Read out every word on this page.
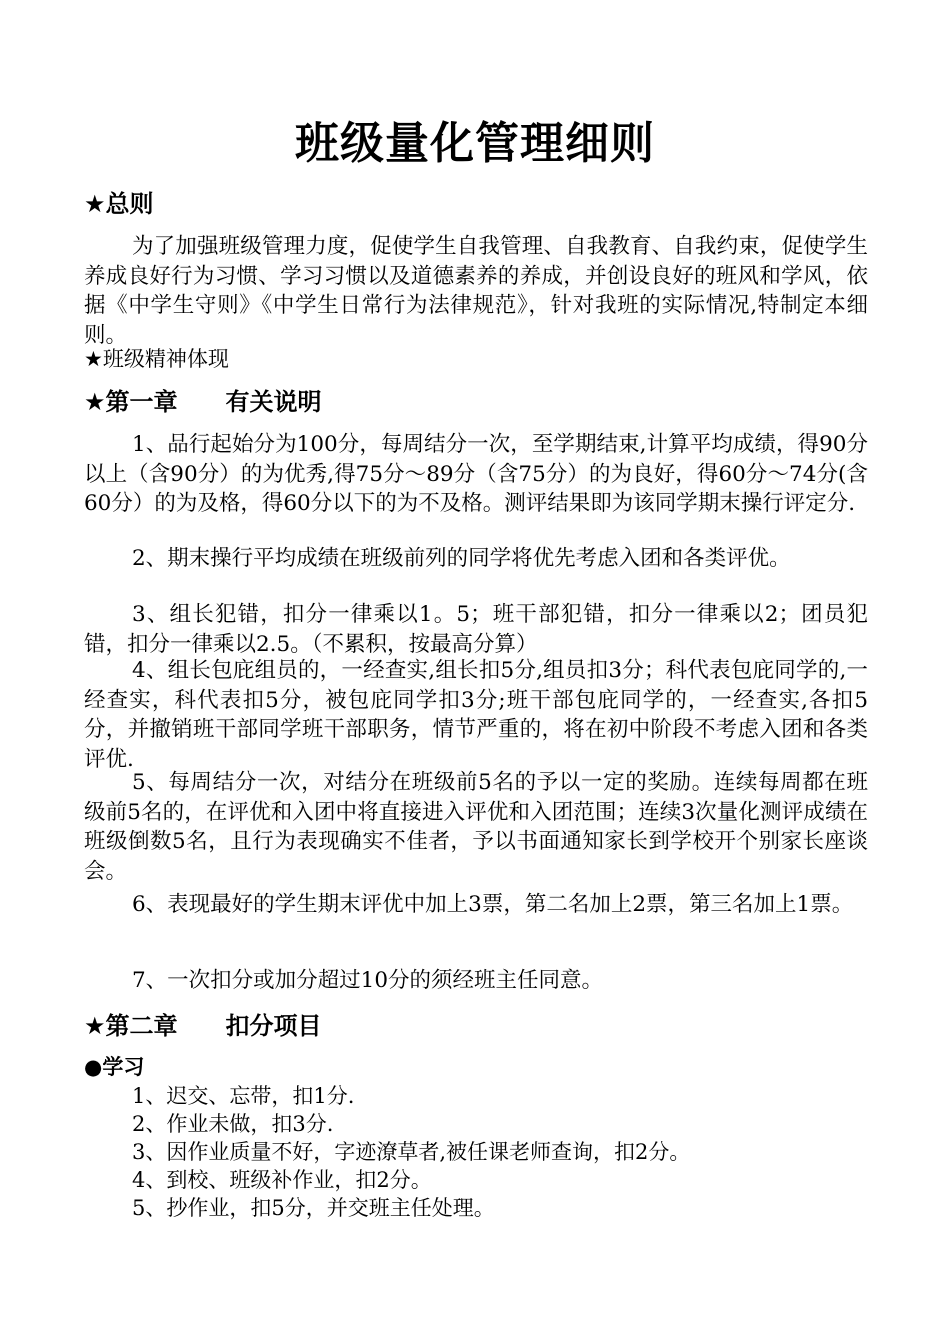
班级量化管理细则
★总则

为了加强班级管理力度，促使学生自我管理、自我教育、自我约束，促使学生养成良好行为习惯、学习习惯以及道德素养的养成，并创设良好的班风和学风，依据《中学生守则》《中学生日常行为法律规范》，针对我班的实际情况,特制定本细则。

★班级精神体现
★第一章　　有关说明

1、品行起始分为100分，每周结分一次，至学期结束,计算平均成绩，得90分以上（含90分）的为优秀,得75分～89分（含75分）的为良好，得60分～74分(含60分）的为及格，得60分以下的为不及格。测评结果即为该同学期末操行评定分.

2、期末操行平均成绩在班级前列的同学将优先考虑入团和各类评优。

3、组长犯错，扣分一律乘以1。5；班干部犯错，扣分一律乘以2；团员犯错，扣分一律乘以2.5。（不累积，按最高分算）

4、组长包庇组员的，一经查实,组长扣5分,组员扣3分；科代表包庇同学的,一经查实，科代表扣5分，被包庇同学扣3分;班干部包庇同学的，一经查实,各扣5分，并撤销班干部同学班干部职务，情节严重的，将在初中阶段不考虑入团和各类评优.

5、每周结分一次，对结分在班级前5名的予以一定的奖励。连续每周都在班级前5名的，在评优和入团中将直接进入评优和入团范围；连续3次量化测评成绩在班级倒数5名，且行为表现确实不佳者，予以书面通知家长到学校开个别家长座谈会。

6、表现最好的学生期末评优中加上3票，第二名加上2票，第三名加上1票。

7、一次扣分或加分超过10分的须经班主任同意。

★第二章　　扣分项目
●学习
1、迟交、忘带，扣1分.
2、作业未做，扣3分.
3、因作业质量不好，字迹潦草者,被任课老师查询，扣2分。
4、到校、班级补作业，扣2分。
5、抄作业，扣5分，并交班主任处理。
